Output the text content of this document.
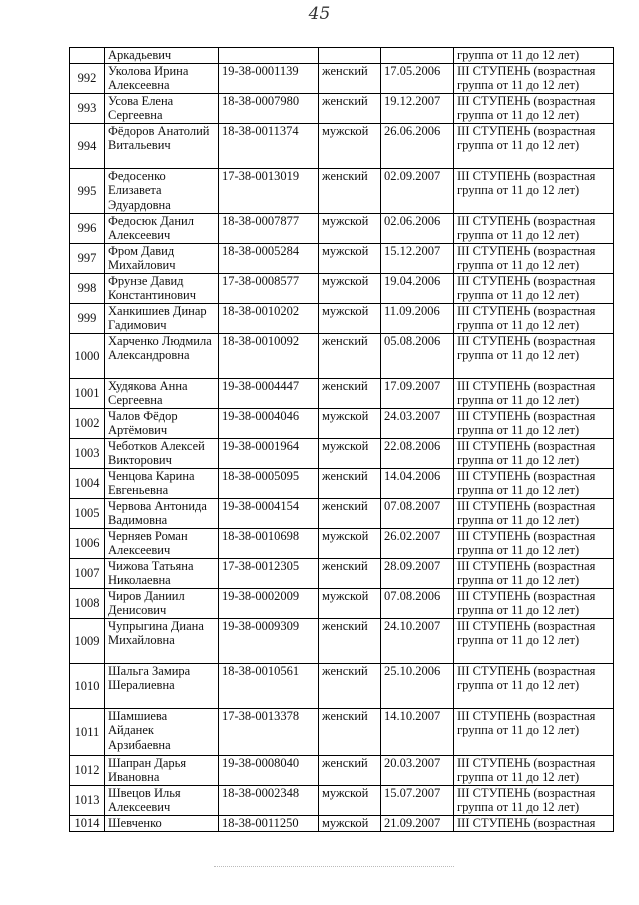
45
	Аркадьевич				группа от 11 до 12 лет)
992	Уколова Ирина Алексеевна	19-38-0001139	женский	17.05.2006	III СТУПЕНЬ (возрастная группа от 11 до 12 лет)
993	Усова Елена Сергеевна	18-38-0007980	женский	19.12.2007	III СТУПЕНЬ (возрастная группа от 11 до 12 лет)
994	Фёдоров Анатолий Витальевич	18-38-0011374	мужской	26.06.2006	III СТУПЕНЬ (возрастная группа от 11 до 12 лет)
995	Федосенко Елизавета Эдуардовна	17-38-0013019	женский	02.09.2007	III СТУПЕНЬ (возрастная группа от 11 до 12 лет)
996	Федосюк Данил Алексеевич	18-38-0007877	мужской	02.06.2006	III СТУПЕНЬ (возрастная группа от 11 до 12 лет)
997	Фром Давид Михайлович	18-38-0005284	мужской	15.12.2007	III СТУПЕНЬ (возрастная группа от 11 до 12 лет)
998	Фрунзе Давид Константинович	17-38-0008577	мужской	19.04.2006	III СТУПЕНЬ (возрастная группа от 11 до 12 лет)
999	Ханкишиев Динар Гадимович	18-38-0010202	мужской	11.09.2006	III СТУПЕНЬ (возрастная группа от 11 до 12 лет)
1000	Харченко Людмила Александровна	18-38-0010092	женский	05.08.2006	III СТУПЕНЬ (возрастная группа от 11 до 12 лет)
1001	Худякова Анна Сергеевна	19-38-0004447	женский	17.09.2007	III СТУПЕНЬ (возрастная группа от 11 до 12 лет)
1002	Чалов Фёдор Артёмович	19-38-0004046	мужской	24.03.2007	III СТУПЕНЬ (возрастная группа от 11 до 12 лет)
1003	Чеботков Алексей Викторович	19-38-0001964	мужской	22.08.2006	III СТУПЕНЬ (возрастная группа от 11 до 12 лет)
1004	Ченцова Карина Евгеньевна	18-38-0005095	женский	14.04.2006	III СТУПЕНЬ (возрастная группа от 11 до 12 лет)
1005	Червова Антонида Вадимовна	19-38-0004154	женский	07.08.2007	III СТУПЕНЬ (возрастная группа от 11 до 12 лет)
1006	Черняев Роман Алексеевич	18-38-0010698	мужской	26.02.2007	III СТУПЕНЬ (возрастная группа от 11 до 12 лет)
1007	Чижова Татьяна Николаевна	17-38-0012305	женский	28.09.2007	III СТУПЕНЬ (возрастная группа от 11 до 12 лет)
1008	Чиров Даниил Денисович	19-38-0002009	мужской	07.08.2006	III СТУПЕНЬ (возрастная группа от 11 до 12 лет)
1009	Чупрыгина Диана Михайловна	19-38-0009309	женский	24.10.2007	III СТУПЕНЬ (возрастная группа от 11 до 12 лет)
1010	Шальга Замира Шералиевна	18-38-0010561	женский	25.10.2006	III СТУПЕНЬ (возрастная группа от 11 до 12 лет)
1011	Шамшиева Айданек Арзибаевна	17-38-0013378	женский	14.10.2007	III СТУПЕНЬ (возрастная группа от 11 до 12 лет)
1012	Шапран Дарья Ивановна	19-38-0008040	женский	20.03.2007	III СТУПЕНЬ (возрастная группа от 11 до 12 лет)
1013	Швецов Илья Алексеевич	18-38-0002348	мужской	15.07.2007	III СТУПЕНЬ (возрастная группа от 11 до 12 лет)
1014	Шевченко	18-38-0011250	мужской	21.09.2007	III СТУПЕНЬ (возрастная
